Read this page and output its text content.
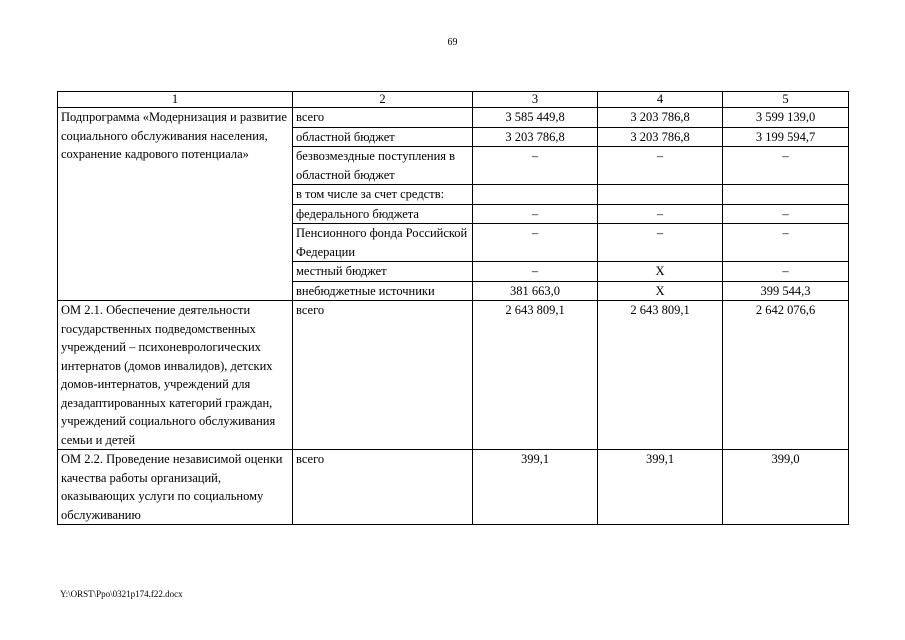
69
1	2	3	4	5
Подпрограмма «Модернизация и развитие социального обслуживания населения, сохранение кадрового потенциала»	всего	3 585 449,8	3 203 786,8	3 599 139,0
	областной бюджет	3 203 786,8	3 203 786,8	3 199 594,7
	безвозмездные поступления в областной бюджет	–	–	–
	в том числе за счет средств:			
	федерального бюджета	–	–	–
	Пенсионного фонда Российской Федерации	–	–	–
	местный бюджет	–	X	–
	внебюджетные источники	381 663,0	X	399 544,3
ОМ 2.1. Обеспечение деятельности государственных подведомственных учреждений – психоневрологических интернатов (домов инвалидов), детских домов-интернатов, учреждений для дезадаптированных категорий граждан, учреждений социального обслуживания семьи и детей	всего	2 643 809,1	2 643 809,1	2 642 076,6
ОМ 2.2. Проведение независимой оценки качества работы организаций, оказывающих услуги по социальному обслуживанию	всего	399,1	399,1	399,0
Y:\ORST\Ppo\0321p174.f22.docx
